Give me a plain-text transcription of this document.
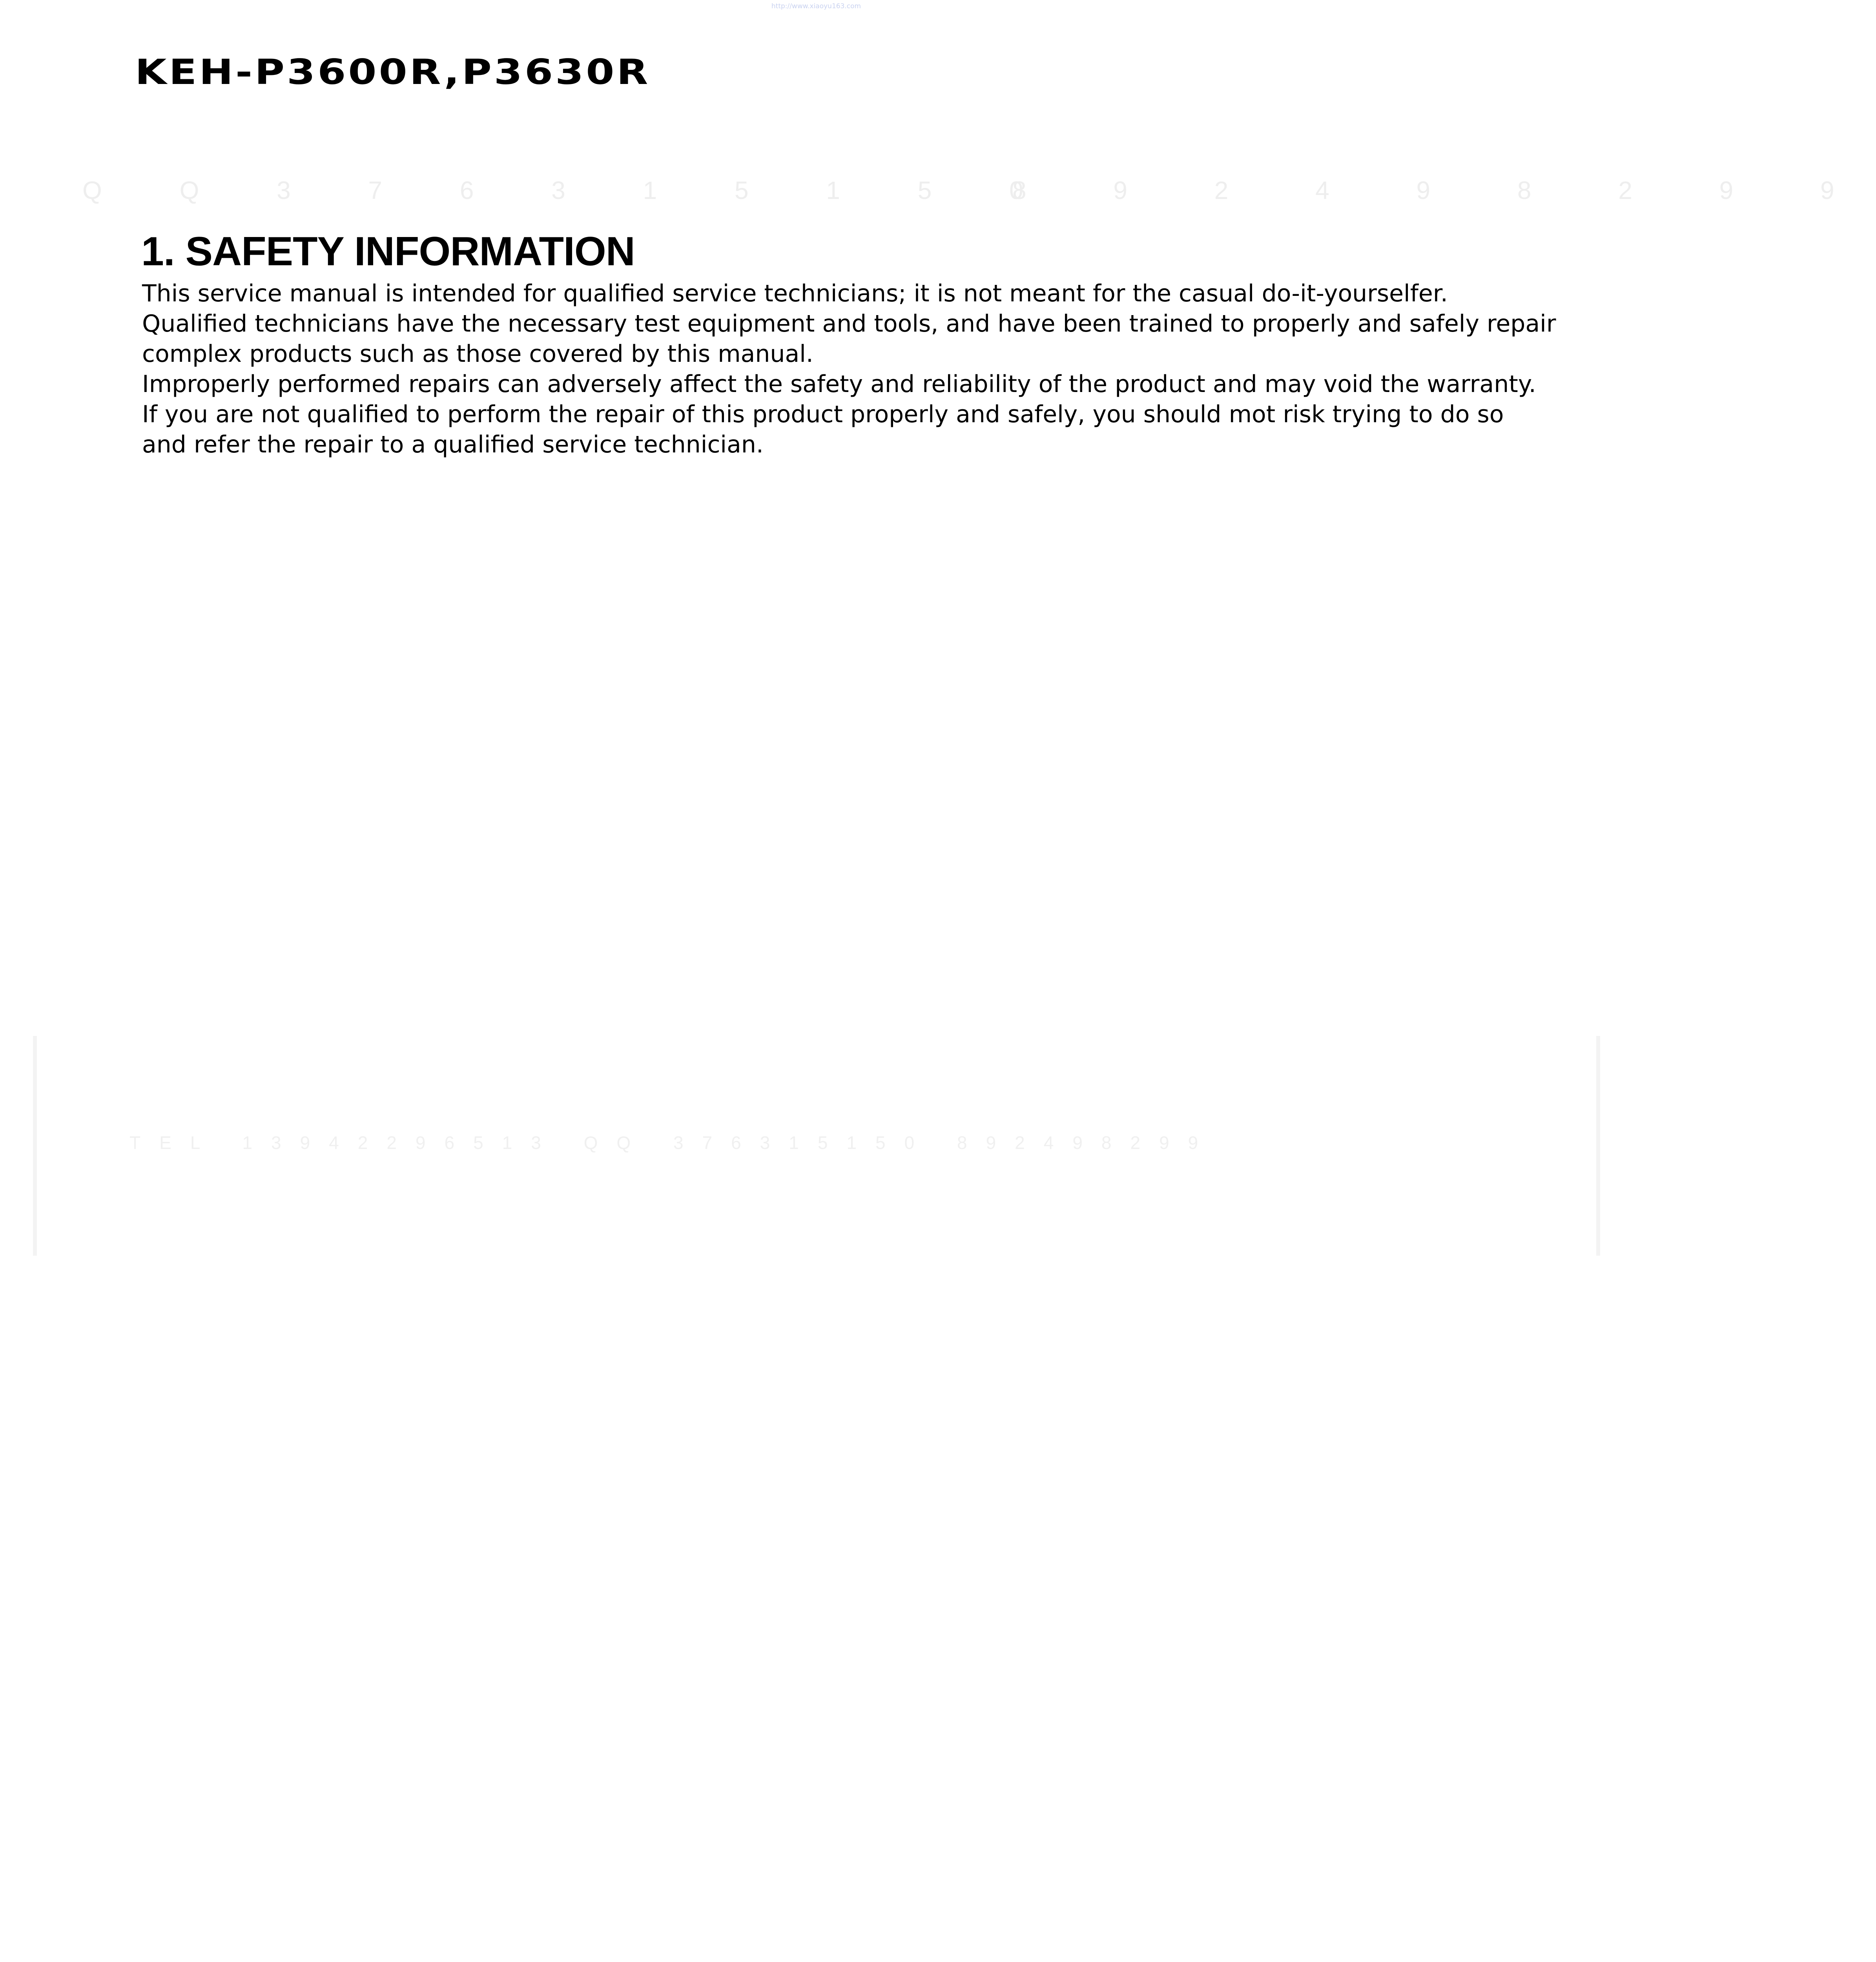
http://www.xiaoyu163.com
KEH-P3600R,P3630R
Q Q 3 7 6 3 1 5 1 5 0
8 9 2 4 9 8 2 9 9
1. SAFETY INFORMATION

This service manual is intended for qualified service technicians; it is not meant for the casual do-it-yourselfer.

Qualified technicians have the necessary test equipment and tools, and have been trained to properly and safely repair

complex products such as those covered by this manual.

Improperly performed repairs can adversely affect the safety and reliability of the product and may void the warranty.

If you are not qualified to perform the repair of this product properly and safely, you should mot risk trying to do so

and refer the repair to a qualified service technician.

TEL 13942296513 QQ 376315150 892498299
